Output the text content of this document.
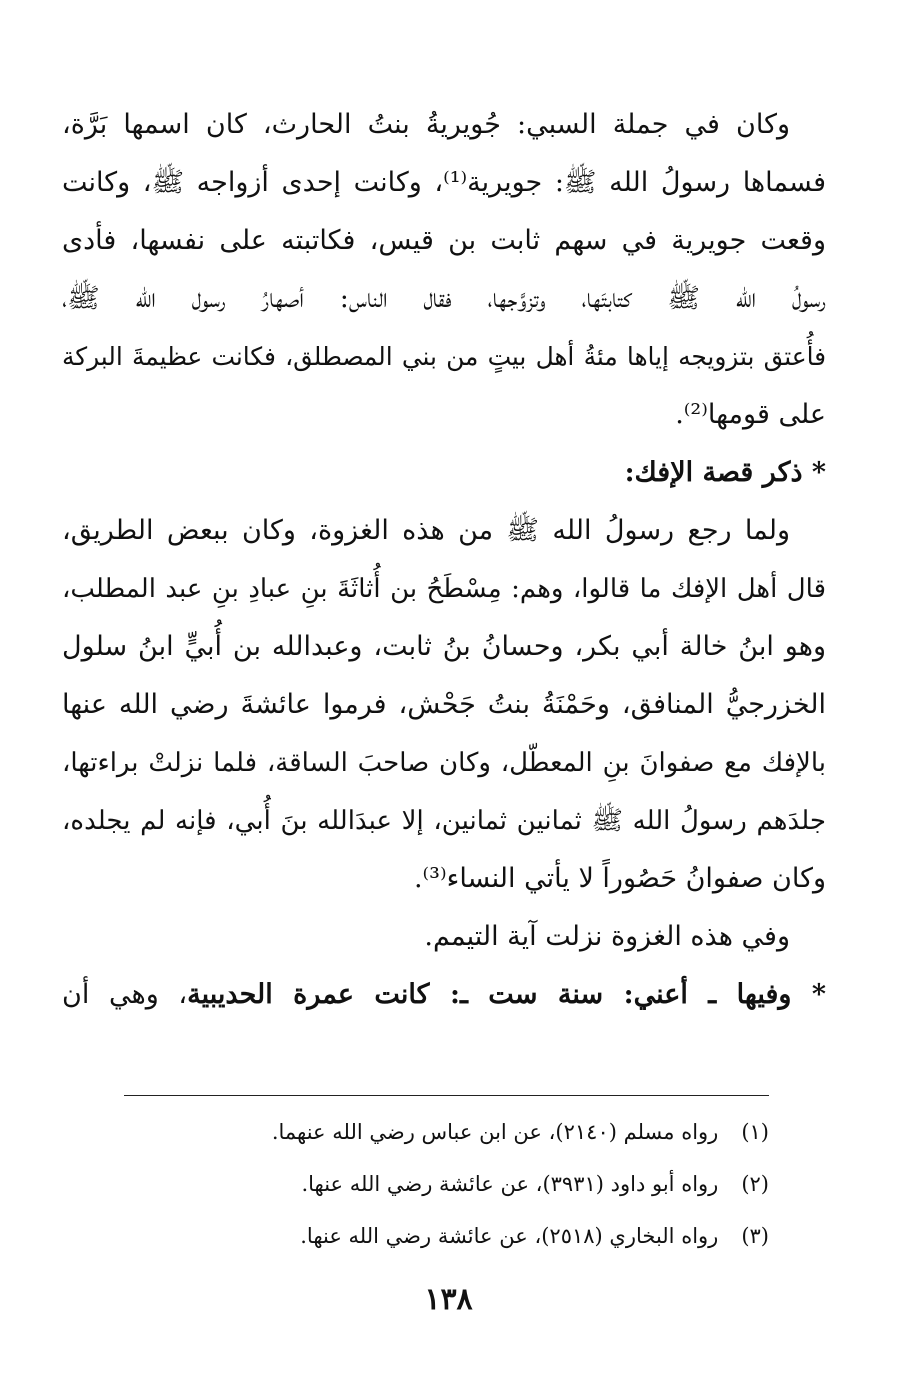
وكان في جملة السبي: جُويريةُ بنتُ الحارث، كان اسمها بَرَّة،
فسماها رسولُ الله ﷺ: جويرية⁽¹⁾، وكانت إحدى أزواجه ﷺ، وكانت
وقعت جويرية في سهم ثابت بن قيس، فكاتبته على نفسها، فأدى
رسولُ الله ﷺ كتابتَها، وتزوَّجها، فقال الناس: أصهارُ رسول الله ﷺ،
فأُعتق بتزويجه إياها مئةُ أهل بيتٍ من بني المصطلق، فكانت عظيمةَ البركة
على قومها⁽²⁾.
* ذكر قصة الإفك:
ولما رجع رسولُ الله ﷺ من هذه الغزوة، وكان ببعض الطريق،
قال أهل الإفك ما قالوا، وهم: مِسْطَحُ بن أُثاثَةَ بنِ عبادِ بنِ عبد المطلب،
وهو ابنُ خالة أبي بكر، وحسانُ بنُ ثابت، وعبدالله بن أُبيٍّ ابنُ سلول
الخزرجيُّ المنافق، وحَمْنَةُ بنتُ جَحْش، فرموا عائشةَ رضي الله عنها
بالإفك مع صفوانَ بنِ المعطّل، وكان صاحبَ الساقة، فلما نزلتْ براءتها،
جلدَهم رسولُ الله ﷺ ثمانين ثمانين، إلا عبدَالله بنَ أُبي، فإنه لم يجلده،
وكان صفوانُ حَصُوراً لا يأتي النساء⁽³⁾.
وفي هذه الغزوة نزلت آية التيمم.
* وفيها ـ أعني: سنة ست ـ: كانت عمرة الحديبية، وهي أن
(١) رواه مسلم (٢١٤٠)، عن ابن عباس رضي الله عنهما.
(٢) رواه أبو داود (٣٩٣١)، عن عائشة رضي الله عنها.
(٣) رواه البخاري (٢٥١٨)، عن عائشة رضي الله عنها.
١٣٨
